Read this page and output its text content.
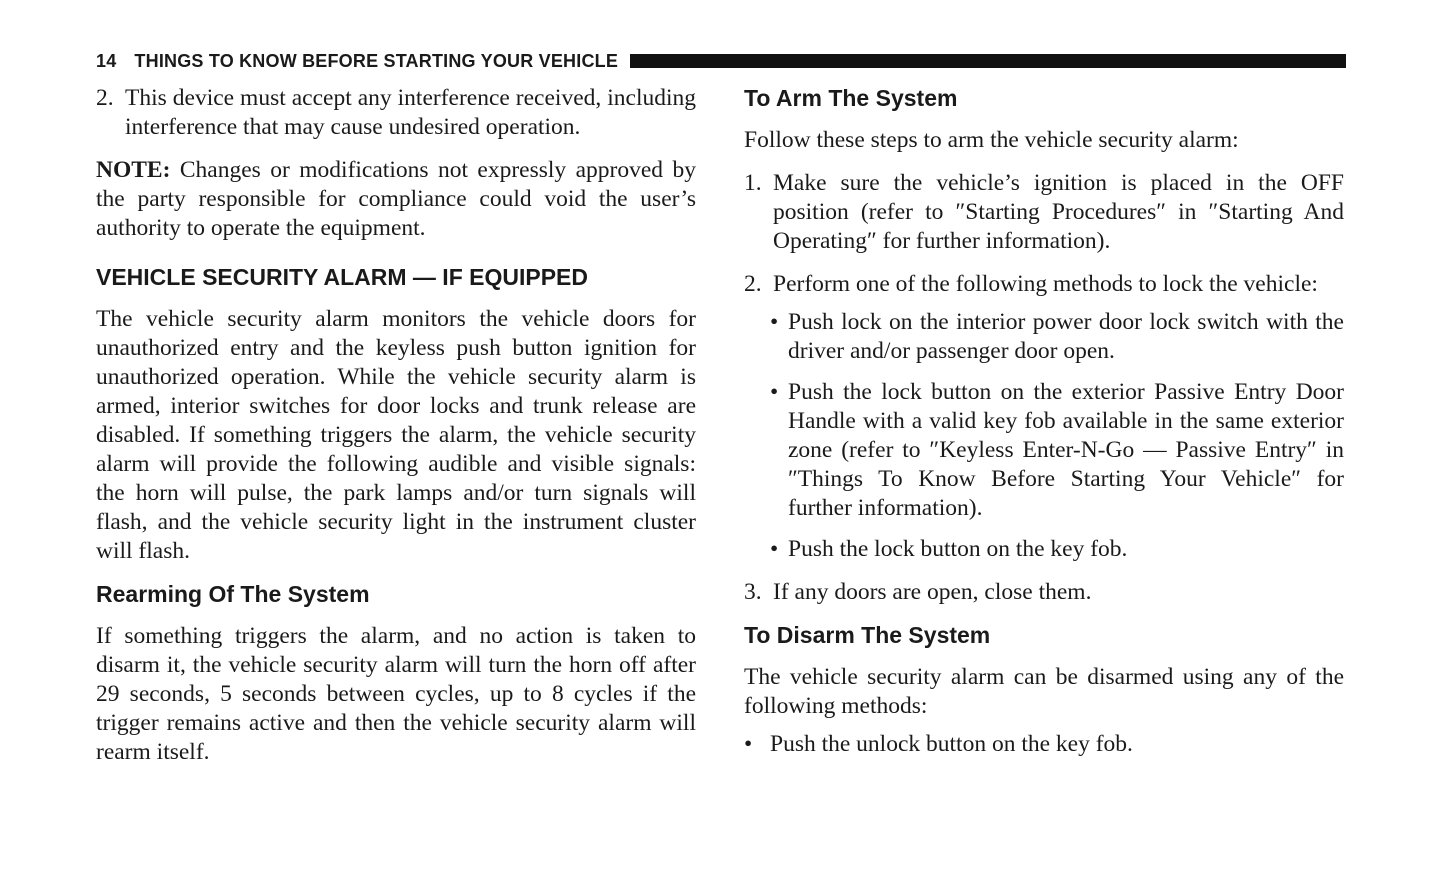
14 THINGS TO KNOW BEFORE STARTING YOUR VEHICLE
2. This device must accept any interference received, including interference that may cause undesired operation.

NOTE: Changes or modifications not expressly approved by the party responsible for compliance could void the user’s authority to operate the equipment.

VEHICLE SECURITY ALARM — IF EQUIPPED

The vehicle security alarm monitors the vehicle doors for unauthorized entry and the keyless push button ignition for unauthorized operation. While the vehicle security alarm is armed, interior switches for door locks and trunk release are disabled. If something triggers the alarm, the vehicle security alarm will provide the following audible and visible signals: the horn will pulse, the park lamps and/or turn signals will flash, and the vehicle security light in the instrument cluster will flash.

Rearming Of The System

If something triggers the alarm, and no action is taken to disarm it, the vehicle security alarm will turn the horn off after 29 seconds, 5 seconds between cycles, up to 8 cycles if the trigger remains active and then the vehicle security alarm will rearm itself.

To Arm The System

Follow these steps to arm the vehicle security alarm:

1. Make sure the vehicle’s ignition is placed in the OFF position (refer to ″Starting Procedures″ in ″Starting And Operating″ for further information).
2. Perform one of the following methods to lock the vehicle:
• Push lock on the interior power door lock switch with the driver and/or passenger door open.
• Push the lock button on the exterior Passive Entry Door Handle with a valid key fob available in the same exterior zone (refer to ″Keyless Enter-N-Go — Passive Entry″ in ″Things To Know Before Starting Your Vehicle″ for further information).
• Push the lock button on the key fob.
3. If any doors are open, close them.
To Disarm The System

The vehicle security alarm can be disarmed using any of the following methods:

• Push the unlock button on the key fob.
